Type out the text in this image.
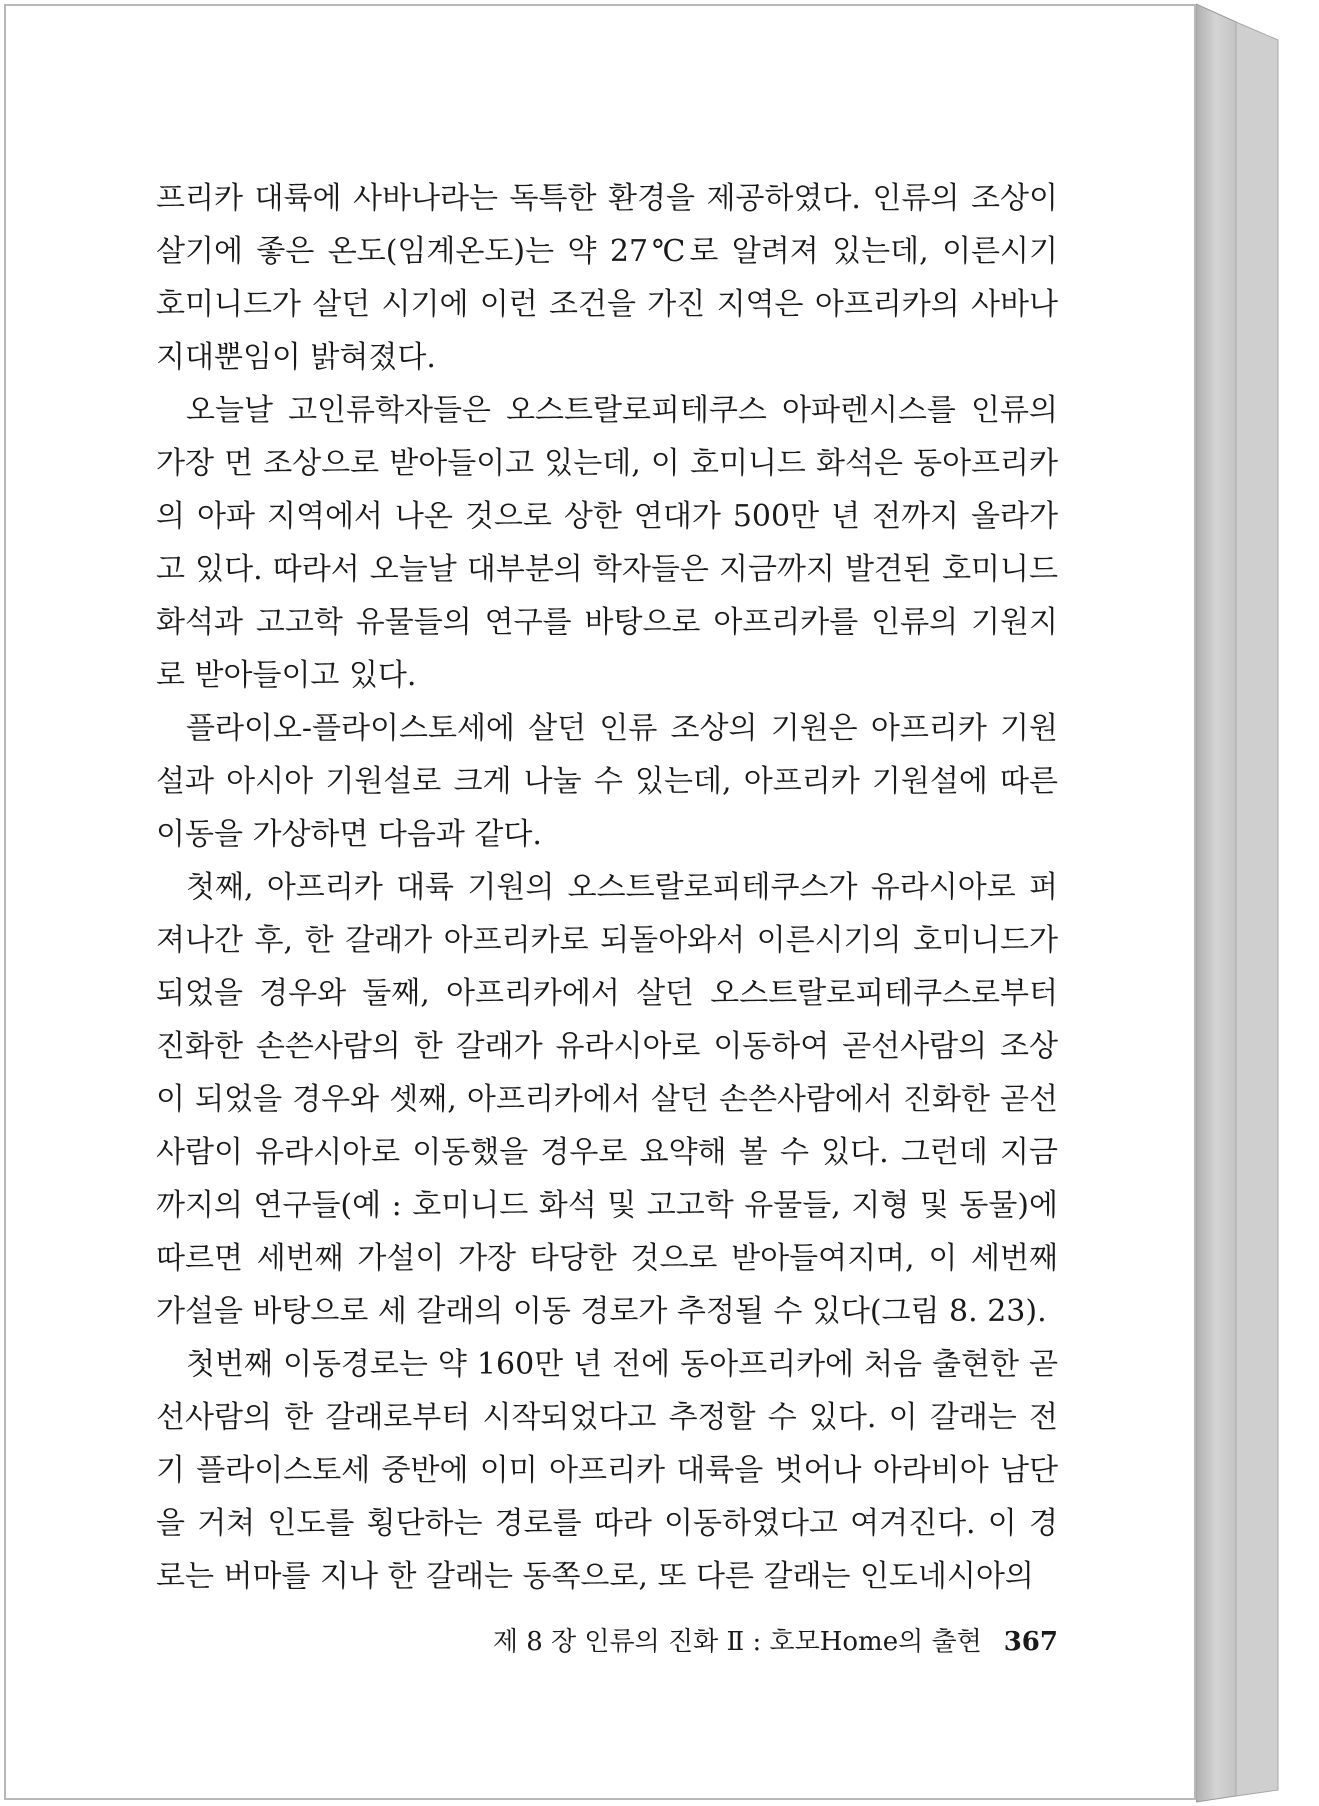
프리카 대륙에 사바나라는 독특한 환경을 제공하였다. 인류의 조상이 살기에 좋은 온도(임계온도)는 약 27℃로 알려져 있는데, 이른시기 호미니드가 살던 시기에 이런 조건을 가진 지역은 아프리카의 사바나 지대뿐임이 밝혀졌다.

오늘날 고인류학자들은 오스트랄로피테쿠스 아파렌시스를 인류의 가장 먼 조상으로 받아들이고 있는데, 이 호미니드 화석은 동아프리카의 아파 지역에서 나온 것으로 상한 연대가 500만 년 전까지 올라가고 있다. 따라서 오늘날 대부분의 학자들은 지금까지 발견된 호미니드 화석과 고고학 유물들의 연구를 바탕으로 아프리카를 인류의 기원지로 받아들이고 있다.

플라이오-플라이스토세에 살던 인류 조상의 기원은 아프리카 기원설과 아시아 기원설로 크게 나눌 수 있는데, 아프리카 기원설에 따른 이동을 가상하면 다음과 같다.

첫째, 아프리카 대륙 기원의 오스트랄로피테쿠스가 유라시아로 퍼져나간 후, 한 갈래가 아프리카로 되돌아와서 이른시기의 호미니드가 되었을 경우와 둘째, 아프리카에서 살던 오스트랄로피테쿠스로부터 진화한 손쓴사람의 한 갈래가 유라시아로 이동하여 곧선사람의 조상이 되었을 경우와 셋째, 아프리카에서 살던 손쓴사람에서 진화한 곧선사람이 유라시아로 이동했을 경우로 요약해 볼 수 있다. 그런데 지금까지의 연구들(예 : 호미니드 화석 및 고고학 유물들, 지형 및 동물)에 따르면 세번째 가설이 가장 타당한 것으로 받아들여지며, 이 세번째 가설을 바탕으로 세 갈래의 이동 경로가 추정될 수 있다(그림 8. 23).

첫번째 이동경로는 약 160만 년 전에 동아프리카에 처음 출현한 곧선사람의 한 갈래로부터 시작되었다고 추정할 수 있다. 이 갈래는 전기 플라이스토세 중반에 이미 아프리카 대륙을 벗어나 아라비아 남단을 거쳐 인도를 횡단하는 경로를 따라 이동하였다고 여겨진다. 이 경로는 버마를 지나 한 갈래는 동쪽으로, 또 다른 갈래는 인도네시아의

제 8 장 인류의 진화 Ⅱ : 호모Home의 출현 367
